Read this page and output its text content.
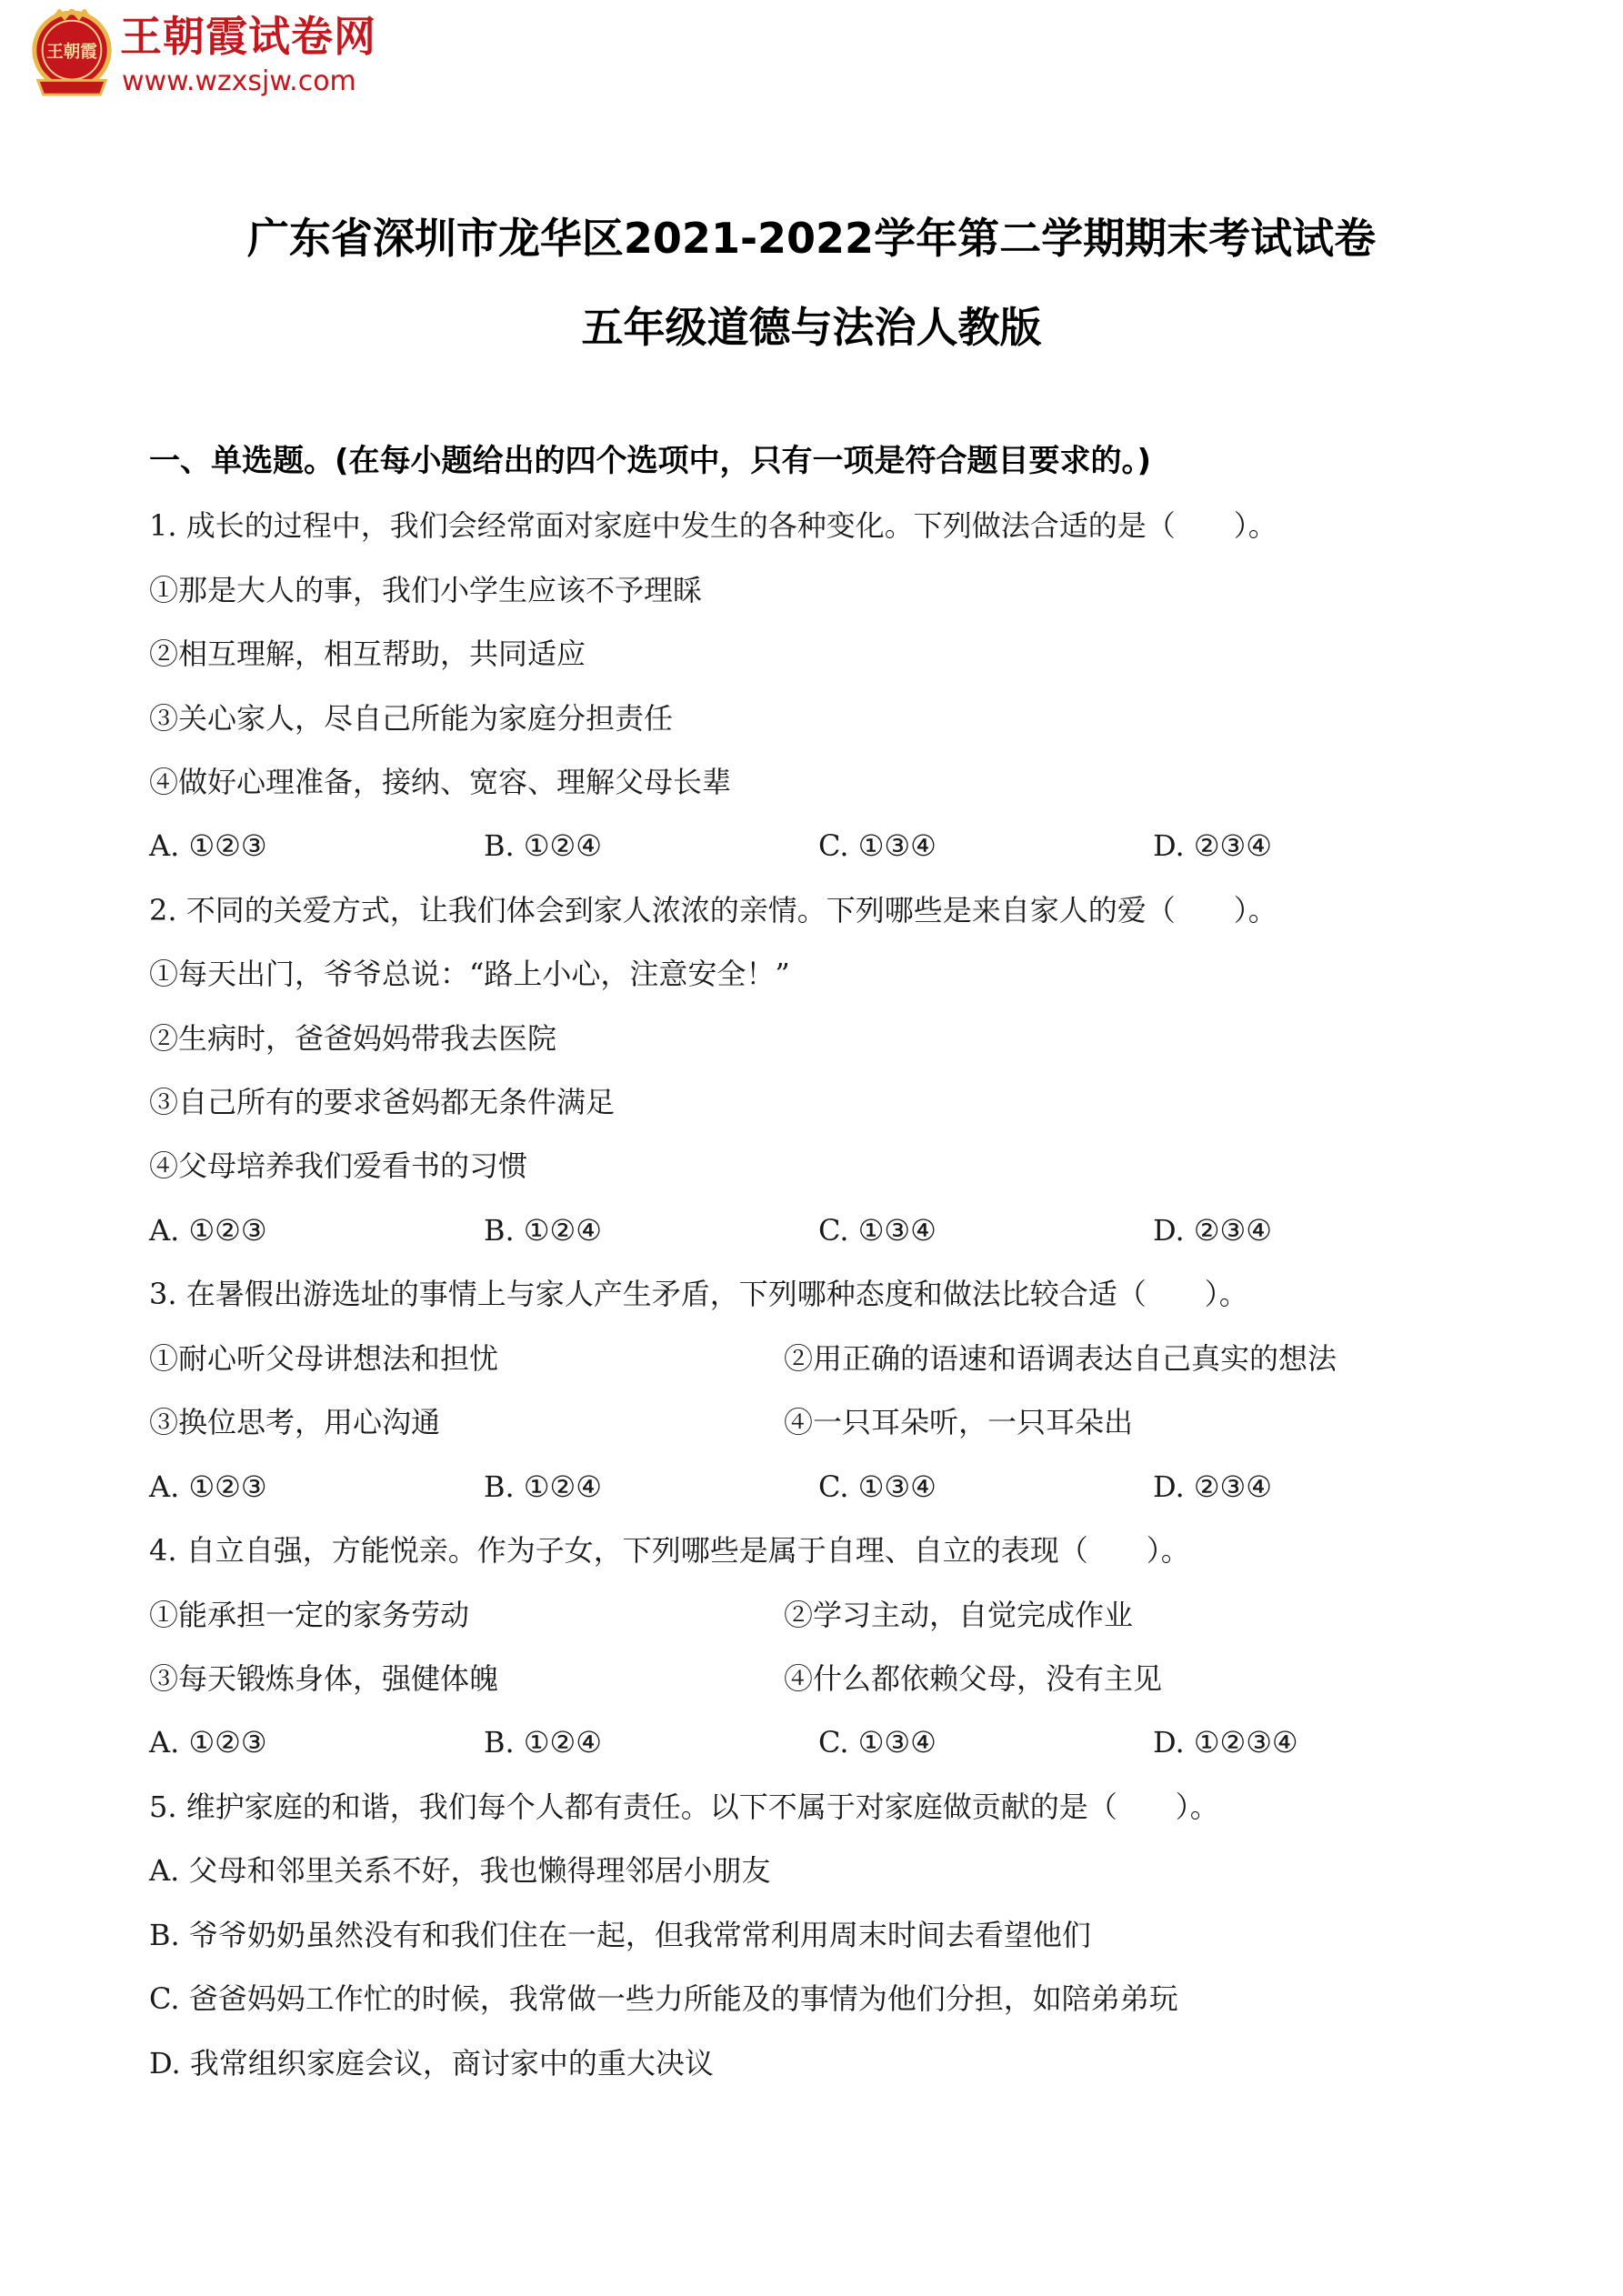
王朝霞 王朝霞试卷网
www.wzxsjw.com
广东省深圳市龙华区2021-2022学年第二学期期末考试试卷
五年级道德与法治人教版
一、单选题。(在每小题给出的四个选项中，只有一项是符合题目要求的。)
1. 成长的过程中，我们会经常面对家庭中发生的各种变化。下列做法合适的是（　　）。
①那是大人的事，我们小学生应该不予理睬
②相互理解，相互帮助，共同适应
③关心家人，尽自己所能为家庭分担责任
④做好心理准备，接纳、宽容、理解父母长辈
A. ①②③	B. ①②④	C. ①③④	D. ②③④
2. 不同的关爱方式，让我们体会到家人浓浓的亲情。下列哪些是来自家人的爱（　　）。
①每天出门，爷爷总说：“路上小心，注意安全！”
②生病时，爸爸妈妈带我去医院
③自己所有的要求爸妈都无条件满足
④父母培养我们爱看书的习惯
A. ①②③	B. ①②④	C. ①③④	D. ②③④
3. 在暑假出游选址的事情上与家人产生矛盾，下列哪种态度和做法比较合适（　　）。
①耐心听父母讲想法和担忧	②用正确的语速和语调表达自己真实的想法
③换位思考，用心沟通	④一只耳朵听，一只耳朵出
A. ①②③	B. ①②④	C. ①③④	D. ②③④
4. 自立自强，方能悦亲。作为子女，下列哪些是属于自理、自立的表现（　　）。
①能承担一定的家务劳动	②学习主动，自觉完成作业
③每天锻炼身体，强健体魄	④什么都依赖父母，没有主见
A. ①②③	B. ①②④	C. ①③④	D. ①②③④
5. 维护家庭的和谐，我们每个人都有责任。以下不属于对家庭做贡献的是（　　）。
A. 父母和邻里关系不好，我也懒得理邻居小朋友
B. 爷爷奶奶虽然没有和我们住在一起，但我常常利用周末时间去看望他们
C. 爸爸妈妈工作忙的时候，我常做一些力所能及的事情为他们分担，如陪弟弟玩
D. 我常组织家庭会议，商讨家中的重大决议
